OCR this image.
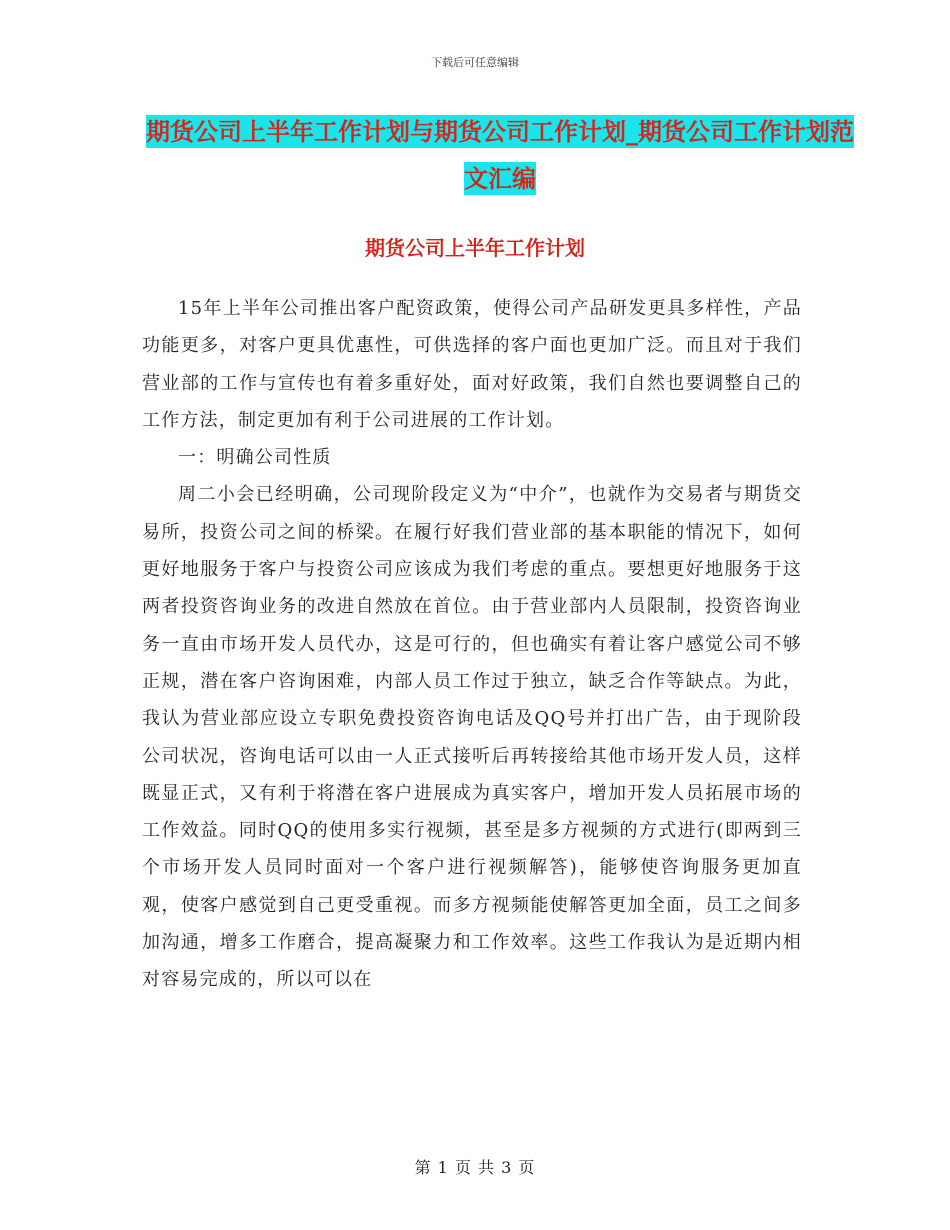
下载后可任意编辑
期货公司上半年工作计划与期货公司工作计划_期货公司工作计划范文汇编
期货公司上半年工作计划

15年上半年公司推出客户配资政策，使得公司产品研发更具多样性，产品功能更多，对客户更具优惠性，可供选择的客户面也更加广泛。而且对于我们营业部的工作与宣传也有着多重好处，面对好政策，我们自然也要调整自己的工作方法，制定更加有利于公司进展的工作计划。

一：明确公司性质

周二小会已经明确，公司现阶段定义为“中介”，也就作为交易者与期货交易所，投资公司之间的桥梁。在履行好我们营业部的基本职能的情况下，如何更好地服务于客户与投资公司应该成为我们考虑的重点。要想更好地服务于这两者投资咨询业务的改进自然放在首位。由于营业部内人员限制，投资咨询业务一直由市场开发人员代办，这是可行的，但也确实有着让客户感觉公司不够正规，潜在客户咨询困难，内部人员工作过于独立，缺乏合作等缺点。为此，我认为营业部应设立专职免费投资咨询电话及QQ号并打出广告，由于现阶段公司状况，咨询电话可以由一人正式接听后再转接给其他市场开发人员，这样既显正式，又有利于将潜在客户进展成为真实客户，增加开发人员拓展市场的工作效益。同时QQ的使用多实行视频，甚至是多方视频的方式进行(即两到三个市场开发人员同时面对一个客户进行视频解答)，能够使咨询服务更加直观，使客户感觉到自己更受重视。而多方视频能使解答更加全面，员工之间多加沟通，增多工作磨合，提高凝聚力和工作效率。这些工作我认为是近期内相对容易完成的，所以可以在

第 1 页 共 3 页
